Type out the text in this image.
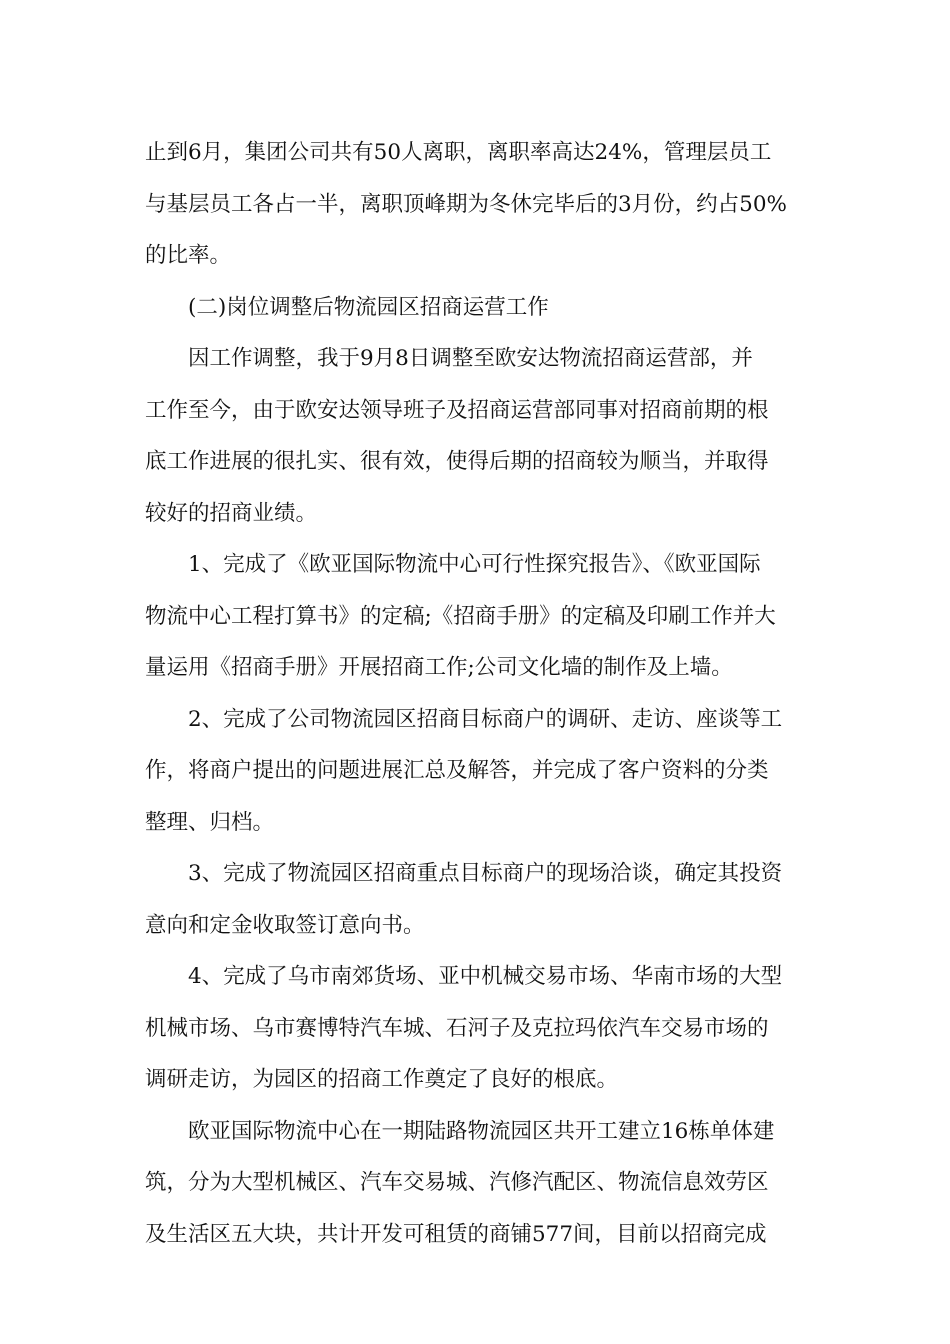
止到6月，集团公司共有50人离职，离职率高达24%，管理层员工
与基层员工各占一半，离职顶峰期为冬休完毕后的3月份，约占50%
的比率。
(二)岗位调整后物流园区招商运营工作
因工作调整，我于9月8日调整至欧安达物流招商运营部，并
工作至今，由于欧安达领导班子及招商运营部同事对招商前期的根
底工作进展的很扎实、很有效，使得后期的招商较为顺当，并取得
较好的招商业绩。
1、完成了《欧亚国际物流中心可行性探究报告》、《欧亚国际
物流中心工程打算书》的定稿;《招商手册》的定稿及印刷工作并大
量运用《招商手册》开展招商工作;公司文化墙的制作及上墙。
2、完成了公司物流园区招商目标商户的调研、走访、座谈等工
作，将商户提出的问题进展汇总及解答，并完成了客户资料的分类
整理、归档。
3、完成了物流园区招商重点目标商户的现场洽谈，确定其投资
意向和定金收取签订意向书。
4、完成了乌市南郊货场、亚中机械交易市场、华南市场的大型
机械市场、乌市赛博特汽车城、石河子及克拉玛依汽车交易市场的
调研走访，为园区的招商工作奠定了良好的根底。
欧亚国际物流中心在一期陆路物流园区共开工建立16栋单体建
筑，分为大型机械区、汽车交易城、汽修汽配区、物流信息效劳区
及生活区五大块，共计开发可租赁的商铺577间，目前以招商完成
